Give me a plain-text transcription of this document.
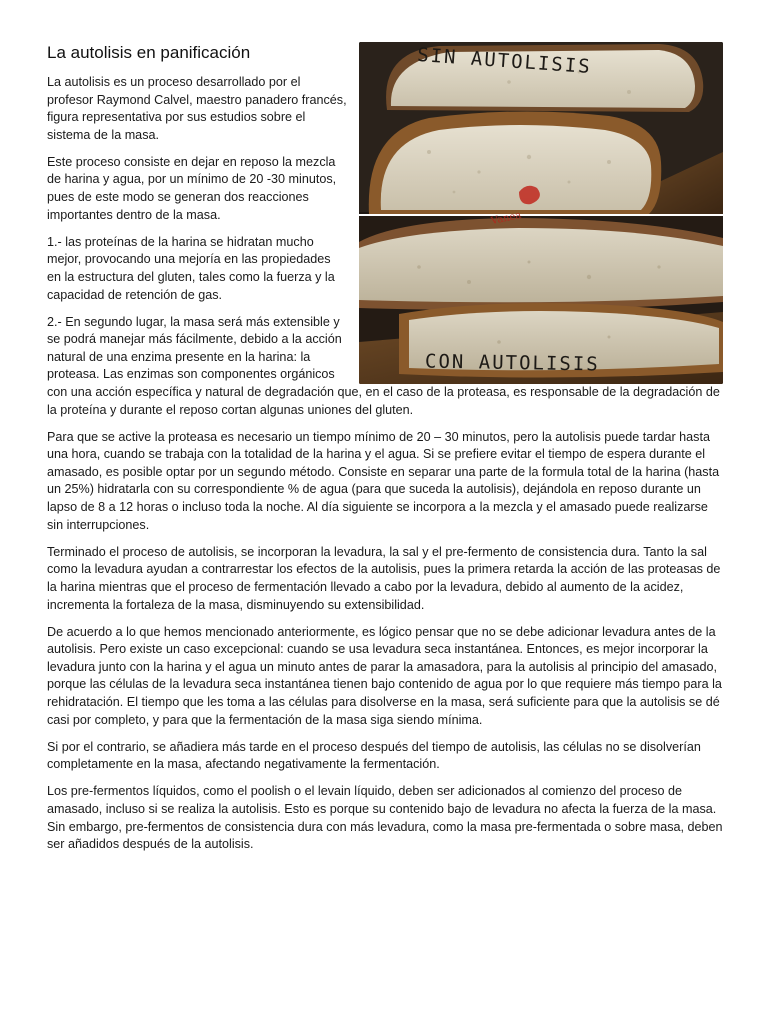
SIN AUTOLISIS
Vanea
CON AUTOLISIS
La autolisis en panificación

La autolisis es un proceso desarrollado por el profesor Raymond Calvel, maestro panadero francés, figura representativa por sus estudios sobre el sistema de la masa.

Este proceso consiste en dejar en reposo la mezcla de harina y agua, por un mínimo de 20 -30 minutos, pues de este modo se generan dos reacciones importantes dentro de la masa.

1.- las proteínas de la harina se hidratan mucho mejor, provocando una mejoría en las propiedades en la estructura del gluten, tales como la fuerza y la capacidad de retención de gas.

2.- En segundo lugar, la masa será más extensible y se podrá manejar más fácilmente, debido a la acción natural de una enzima presente en la harina: la proteasa. Las enzimas son componentes orgánicos con una acción específica y natural de degradación que, en el caso de la proteasa, es responsable de la degradación de la proteína y durante el reposo cortan algunas uniones del gluten.

Para que se active la proteasa es necesario un tiempo mínimo de 20 – 30 minutos, pero la autolisis puede tardar hasta una hora, cuando se trabaja con la totalidad de la harina y el agua. Si se prefiere evitar el tiempo de espera durante el amasado, es posible optar por un segundo método. Consiste en separar una parte de la formula total de la harina (hasta un 25%) hidratarla con su correspondiente % de agua (para que suceda la autolisis), dejándola en reposo durante un lapso de 8 a 12 horas o incluso toda la noche. Al día siguiente se incorpora a la mezcla y el amasado puede realizarse sin interrupciones.

Terminado el proceso de autolisis, se incorporan la levadura, la sal y el pre-fermento de consistencia dura. Tanto la sal como la levadura ayudan a contrarrestar los efectos de la autolisis, pues la primera retarda la acción de las proteasas de la harina mientras que el proceso de fermentación llevado a cabo por la levadura, debido al aumento de la acidez, incrementa la fortaleza de la masa, disminuyendo su extensibilidad.

De acuerdo a lo que hemos mencionado anteriormente, es lógico pensar que no se debe adicionar levadura antes de la autolisis. Pero existe un caso excepcional: cuando se usa levadura seca instantánea. Entonces, es mejor incorporar la levadura junto con la harina y el agua un minuto antes de parar la amasadora, para la autolisis al principio del amasado, porque las células de la levadura seca instantánea tienen bajo contenido de agua por lo que requiere más tiempo para la rehidratación. El tiempo que les toma a las células para disolverse en la masa, será suficiente para que la autolisis se dé casi por completo, y para que la fermentación de la masa siga siendo mínima.

Si por el contrario, se añadiera más tarde en el proceso después del tiempo de autolisis, las células no se disolverían completamente en la masa, afectando negativamente la fermentación.

Los pre-fermentos líquidos, como el poolish o el levain líquido, deben ser adicionados al comienzo del proceso de amasado, incluso si se realiza la autolisis. Esto es porque su contenido bajo de levadura no afecta la fuerza de la masa. Sin embargo, pre-fermentos de consistencia dura con más levadura, como la masa pre-fermentada o sobre masa, deben ser añadidos después de la autolisis.
